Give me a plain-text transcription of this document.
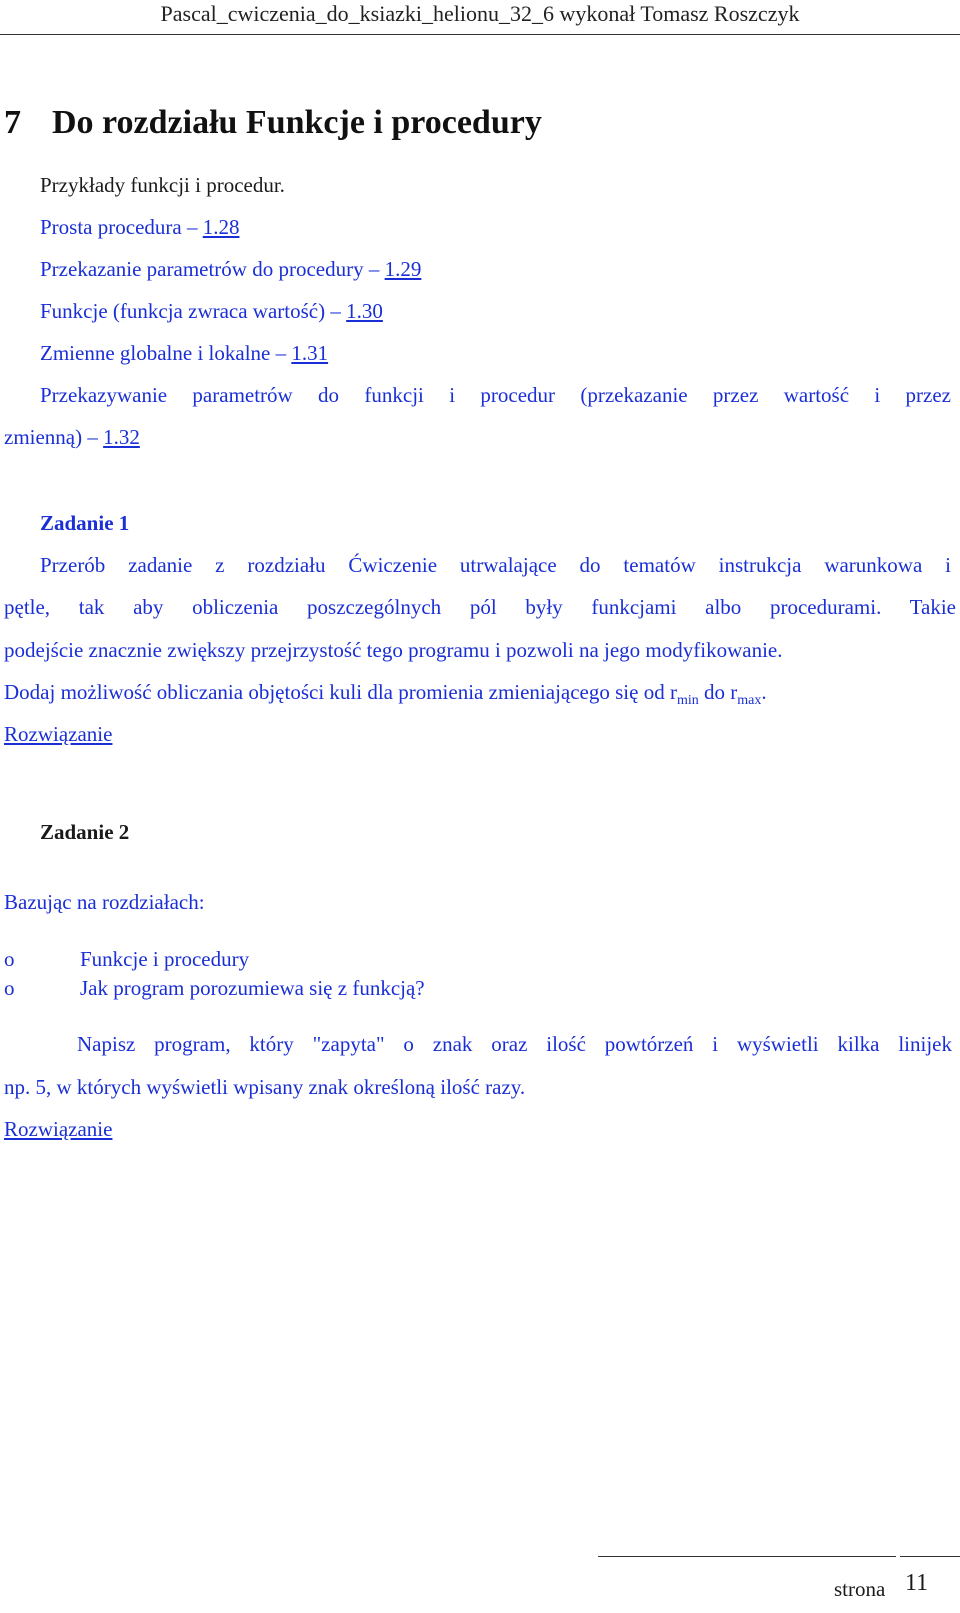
Pascal_cwiczenia_do_ksiazki_helionu_32_6 wykonał Tomasz Roszczyk
7 Do rozdziału Funkcje i procedury
Przykłady funkcji i procedur.
Prosta procedura – 1.28
Przekazanie parametrów do procedury – 1.29
Funkcje (funkcja zwraca wartość) – 1.30
Zmienne globalne i lokalne – 1.31
Przekazywanie parametrów do funkcji i procedur (przekazanie przez wartość i przez
zmienną) – 1.32
Zadanie 1
Przerób zadanie z rozdziału Ćwiczenie utrwalające do tematów instrukcja warunkowa i
pętle, tak aby obliczenia poszczególnych pól były funkcjami albo procedurami. Takie
podejście znacznie zwiększy przejrzystość tego programu i pozwoli na jego modyfikowanie.
Dodaj możliwość obliczania objętości kuli dla promienia zmieniającego się od $r_{min}$ do $r_{max}$.
Rozwiązanie
Zadanie 2
Bazując na rozdziałach:
o	Funkcje i procedury
o	Jak program porozumiewa się z funkcją?
Napisz program, który "zapyta" o znak oraz ilość powtórzeń i wyświetli kilka linijek
np. 5, w których wyświetli wpisany znak określoną ilość razy.
Rozwiązanie
strona 11
